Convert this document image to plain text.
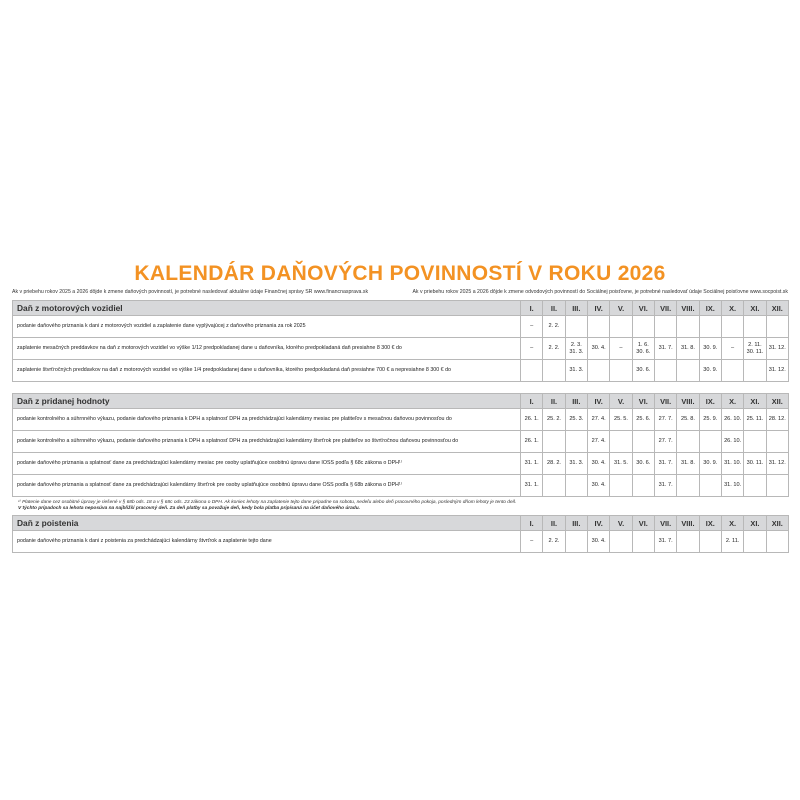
KALENDÁR DAŇOVÝCH POVINNOSTÍ V ROKU 2026
Ak v priebehu rokov 2025 a 2026 dôjde k zmene daňových povinností, je potrebné nasledovať aktuálne údaje Finančnej správy SR www.financnasprava.sk	Ak v priebehu rokov 2025 a 2026 dôjde k zmene odvodových povinností do Sociálnej poisťovne, je potrebné nasledovať údaje Sociálnej poisťovne www.socpoist.sk
Daň z motorových vozidiel	I.	II.	III.	IV.	V.	VI.	VII.	VIII.	IX.	X.	XI.	XII.
podanie daňového priznania k dani z motorových vozidiel a zaplatenie dane vyplývajúcej z daňového priznania za rok 2025	–	2. 2.										
zaplatenie mesačných preddavkov na daň z motorových vozidiel vo výške 1/12 predpokladanej dane u daňovníka, ktorého predpokladaná daň presiahne 8 300 € do	–	2. 2.	2. 3. 31. 3.	30. 4.	–	1. 6. 30. 6.	31. 7.	31. 8.	30. 9.	–	2. 11. 30. 11.	31. 12.
zaplatenie štvrťročných preddavkov na daň z motorových vozidiel vo výške 1/4 predpokladanej dane u daňovníka, ktorého predpokladaná daň presiahne 700 € a nepresiahne 8 300 € do			31. 3.			30. 6.			30. 9.			31. 12.
Daň z pridanej hodnoty	I.	II.	III.	IV.	V.	VI.	VII.	VIII.	IX.	X.	XI.	XII.
podanie kontrolného a súhrnného výkazu, podanie daňového priznania k DPH a splatnosť DPH za predchádzajúci kalendárny mesiac pre platiteľov s mesačnou daňovou povinnosťou do	26. 1.	25. 2.	25. 3.	27. 4.	25. 5.	25. 6.	27. 7.	25. 8.	25. 9.	26. 10.	25. 11.	28. 12.
podanie kontrolného a súhrnného výkazu, podanie daňového priznania k DPH a splatnosť DPH za predchádzajúci kalendárny štvrťrok pre platiteľov so štvrťročnou daňovou povinnosťou do	26. 1.			27. 4.			27. 7.			26. 10.		
podanie daňového priznania a splatnosť dane za predchádzajúci kalendárny mesiac pre osoby uplatňujúce osobitnú úpravu dane IOSS podľa § 68c zákona o DPH¹⁾	31. 1.	28. 2.	31. 3.	30. 4.	31. 5.	30. 6.	31. 7.	31. 8.	30. 9.	31. 10.	30. 11.	31. 12.
podanie daňového priznania a splatnosť dane za predchádzajúci kalendárny štvrťrok pre osoby uplatňujúce osobitnú úpravu dane OSS podľa § 68b zákona o DPH¹⁾	31. 1.			30. 4.			31. 7.			31. 10.		
¹⁾ Platenie dane cez osobitné úpravy je riešené v § 68b ods. 18 a v § 68c ods. 23 zákona o DPH. Ak koniec lehoty na zaplatenie tejto dane pripadne na sobotu, nedeľu alebo deň pracovného pokoja, posledným dňom lehoty je tento deň.
V týchto prípadoch sa lehota neposúva na najbližší pracovný deň. Za deň platby sa považuje deň, kedy bola platba pripísaná na účet daňového úradu.
Daň z poistenia	I.	II.	III.	IV.	V.	VI.	VII.	VIII.	IX.	X.	XI.	XII.
podanie daňového priznania k dani z poistenia za predchádzajúci kalendárny štvrťrok a zaplatenie tejto dane	–	2. 2.		30. 4.			31. 7.			2. 11.		
